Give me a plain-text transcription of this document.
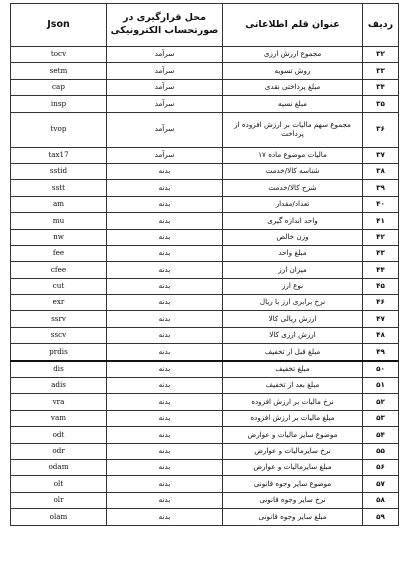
ردیف	عنوان قلم اطلاعاتی	محل قرارگیری در صورتحساب الکترونیکی	Json
۳۲	مجموع ارزش ارزی	سرآمد	tocv
۳۳	روش تسویه	سرآمد	setm
۳۴	مبلغ پرداختی نقدی	سرآمد	cap
۳۵	مبلغ نسیه	سرآمد	insp
۳۶	مجموع سهم مالیات بر ارزش افزوده از پرداخت	سرآمد	tvop
۳۷	مالیات موضوع ماده ۱۷	سرآمد	tax17
۳۸	شناسه کالا/خدمت	بدنه	sstid
۳۹	شرح کالا/خدمت	بدنه	sstt
۴۰	تعداد/مقدار	بدنه	am
۴۱	واحد اندازه گیری	بدنه	mu
۴۲	وزن خالص	بدنه	nw
۴۳	مبلغ واحد	بدنه	fee
۴۴	میزان ارز	بدنه	cfee
۴۵	نوع ارز	بدنه	cut
۴۶	نرخ برابری ارز با ریال	بدنه	exr
۴۷	ارزش ریالی کالا	بدنه	ssrv
۴۸	ارزش ارزی کالا	بدنه	sscv
۴۹	مبلغ قبل از تخفیف	بدنه	prdis
۵۰	مبلغ تخفیف	بدنه	dis
۵۱	مبلغ بعد از تخفیف	بدنه	adis
۵۲	نرخ مالیات بر ارزش افزوده	بدنه	vra
۵۳	مبلغ مالیات بر ارزش افزوده	بدنه	vam
۵۴	موضوع سایر مالیات و عوارض	بدنه	odt
۵۵	نرخ سایرمالیات و عوارض	بدنه	odr
۵۶	مبلغ سایرمالیات و عوارض	بدنه	odam
۵۷	موضوع سایر وجوه قانونی	بدنه	olt
۵۸	نرخ سایر وجوه قانونی	بدنه	olr
۵۹	مبلغ سایر وجوه قانونی	بدنه	olam
